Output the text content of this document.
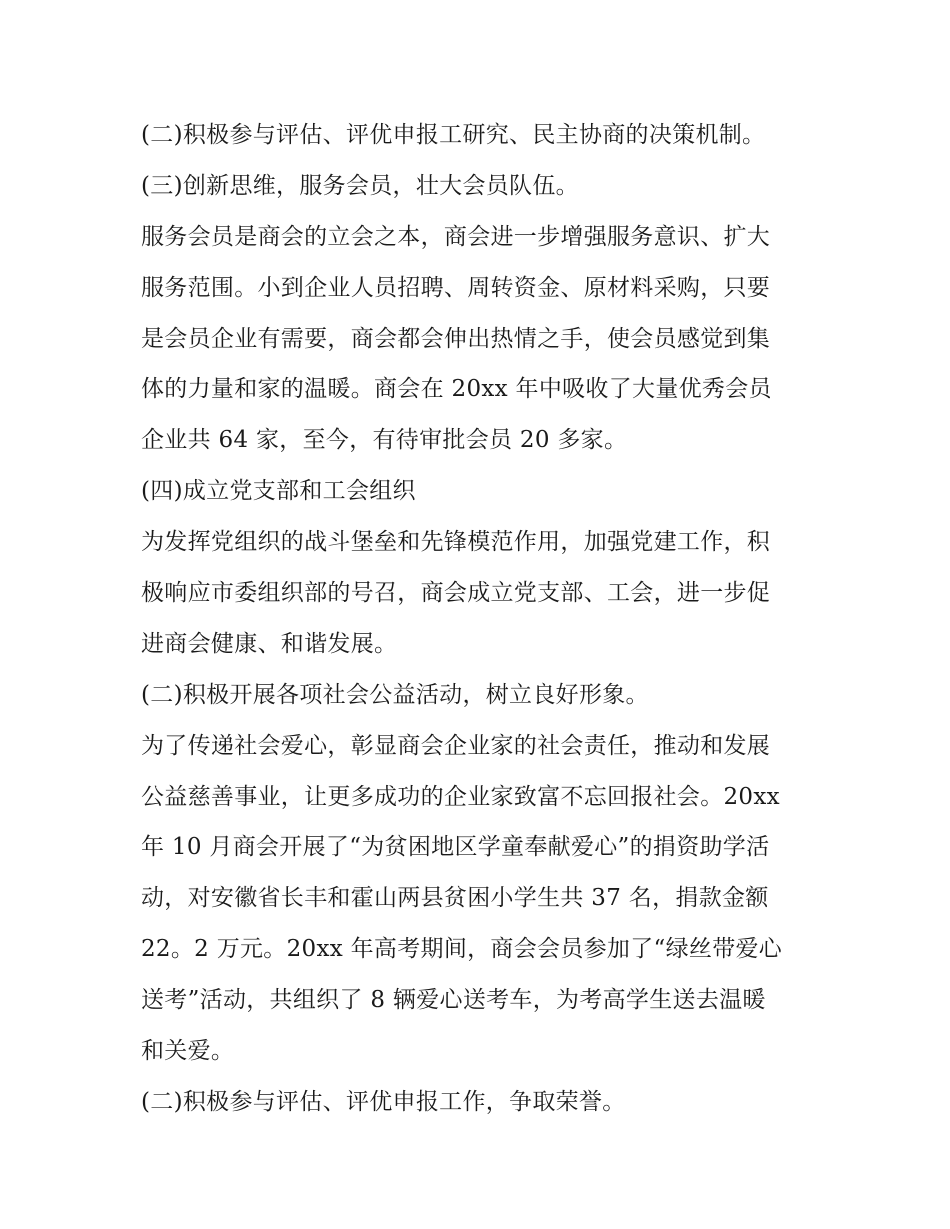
(二)积极参与评估、评优申报工研究、民主协商的决策机制。

(三)创新思维，服务会员，壮大会员队伍。

服务会员是商会的立会之本，商会进一步增强服务意识、扩大

服务范围。小到企业人员招聘、周转资金、原材料采购，只要

是会员企业有需要，商会都会伸出热情之手，使会员感觉到集

体的力量和家的温暖。商会在 20xx 年中吸收了大量优秀会员

企业共 64 家，至今，有待审批会员 20 多家。

(四)成立党支部和工会组织

为发挥党组织的战斗堡垒和先锋模范作用，加强党建工作，积

极响应市委组织部的号召，商会成立党支部、工会，进一步促

进商会健康、和谐发展。

(二)积极开展各项社会公益活动，树立良好形象。

为了传递社会爱心，彰显商会企业家的社会责任，推动和发展

公益慈善事业，让更多成功的企业家致富不忘回报社会。20xx

年 10 月商会开展了“为贫困地区学童奉献爱心”的捐资助学活

动，对安徽省长丰和霍山两县贫困小学生共 37 名，捐款金额

22。2 万元。20xx 年高考期间，商会会员参加了“绿丝带爱心

送考”活动，共组织了 8 辆爱心送考车，为考高学生送去温暖

和关爱。

(二)积极参与评估、评优申报工作，争取荣誉。
